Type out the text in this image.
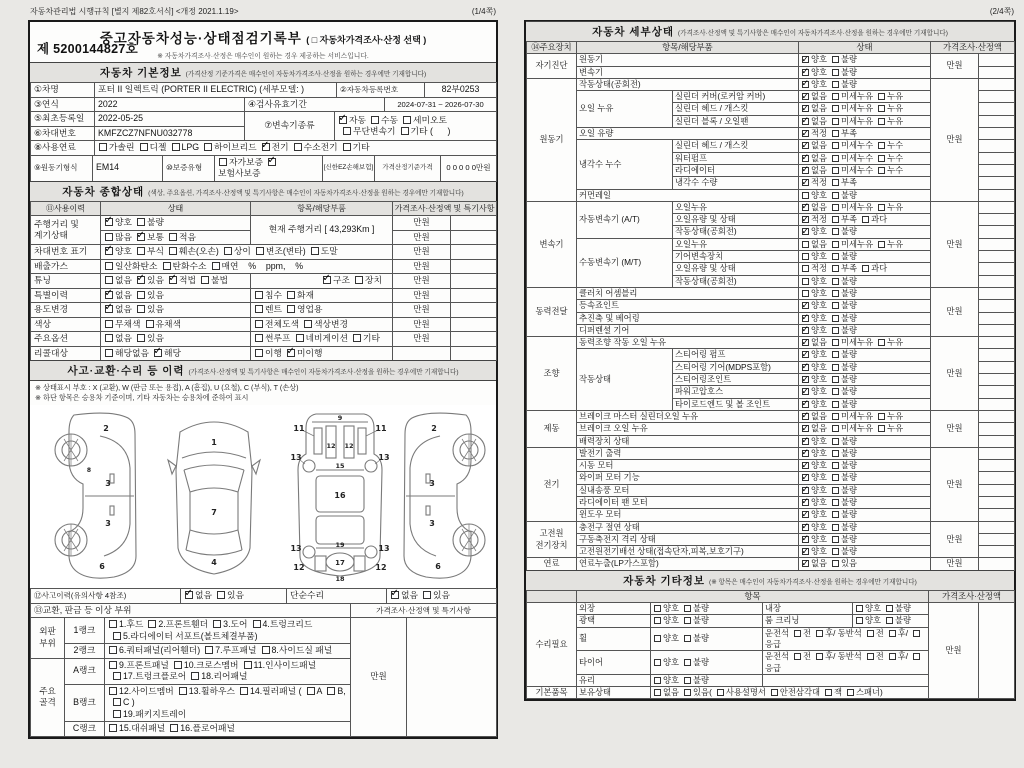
자동차관리법 시행규칙 [별지 제82호서식] <개정 2021.1.19>	(1/4쪽)
제 5200144827호
중고자동차성능·상태점검기록부 ( □ 자동차가격조사·산정 선택 )
※ 자동차가격조사·산정은 매수인이 원하는 경우 제공하는 서비스입니다.
자동차 기본정보 (가격산정 기준가격은 매수인이 자동차가격조사·산정을 원하는 경우에만 기재합니다)
①차명	포터 II 일렉트릭 (PORTER II ELECTRIC) (세부모델: )	②자동차등록번호	82부0253
③연식	2022	④검사유효기간	2024-07-31 ~ 2026-07-30
⑤최초등록일	2022-05-25	⑦변속기종류	✓자동 수동 세미오토
무단변속기 기타 (      )
⑥차대번호	KMFZCZ7NFNU032778		
⑧사용연료	가솔린 디젤 LPG 하이브리드 ✓ 전기 수소전기 기타
⑨원동기형식	EM14	⑩보증유형	자가보증✓보험사보증	[신한EZ손해보험]	가격산정기준가격	0 0 0 0 0만원
자동차 종합상태 (색상, 주요옵션, 가격조사·산정액 및 특기사항은 매수인이 자동차가격조사·산정을 원하는 경우에만 기재합니다)
⑪사용이력	상태	항목/해당부품	가격조사·산정액 및 특기사항	
주행거리 및 계기상태	✓양호 불량	현재 주행거리 [ 43,293Km ]	만원	
	많음 ✓ 보통 적음		만원	
차대번호 표기	✓양호 부식 훼손(오손) 상이 변조(변타) 도말		만원	
배출가스	일산화탄소 탄화수소 매연    %    ppm,    %		만원	
튜닝	없음 ✓ 있음 ✓ 적법 불법	✓구조 장치	만원	
특별이력	✓없음 있음	침수 화재	만원	
용도변경	✓없음 있음	렌트 영업용	만원	
색상	무채색 유채색	전체도색 색상변경	만원	
주요옵션	없음 있음	썬루프 네비게이션 기타	만원	
리콜대상	해당없음 ✓ 해당	이행 ✓ 미이행		
사고·교환·수리 등 이력 (가격조사·산정액 및 특기사항은 매수인이 자동차가격조사·산정을 원하는 경우에만 기재합니다)
※ 상태표시 부호 : X (교환), W (판금 또는 용접), A (흠집), U (요철), C (부식), T (손상)
※ 하단 항목은 승용차 기준이며, 기타 자동차는 승용차에 준하여 표시
2
3
3
6
8
1
7
4
9
11	11
12 12
13	13
15
16
19
13	13
12	12
17
18
2
3
3
6
⑫사고이력(유의사항 4참조)	✓없음 있음	단순수리	✓없음 있음
⑬교환, 판금 등 이상 부위	가격조사·산정액 및 특기사항
외판 부위	1랭크	1.후드 2.프론트휀더 3.도어 4.트렁크리드
5.라디에이터 서포트(볼트체결부품)	만원	
	2랭크	6.쿼터패널(리어휀더) 7.루프패널 8.사이드실 패널		
주요 골격	A랭크	9.프론트패널 10.크로스멤버 11.인사이드패널
17.트렁크플로어 18.리어패널		
	B랭크	12.사이드멤버 13.휠하우스 14.필러패널 ( A B,C )
19.패키지트레이		
	C랭크	15.대쉬패널 16.플로어패널		
(2/4쪽)
자동차 세부상태 (가격조사·산정액 및 특기사항은 매수인이 자동차가격조사·산정을 원하는 경우에만 기재합니다)
⑭주요장치	항목/해당부품		상태	가격조사·산정액	
자기진단	원동기	✓양호 불량	만원	
	변속기	✓양호 불량	
원동기	작동상태(공회전)	✓양호 불량	만원	
	오일 누유	실린더 커버(로커암 커버)	✓없음 미세누유 누유	
		실린더 헤드 / 개스킷	✓없음 미세누유 누유	
		실린더 블록 / 오일팬	✓없음 미세누유 누유	
	오일 유량	✓적정 부족	
	냉각수 누수	실린더 헤드 / 개스킷	✓없음 미세누수 누수	
		워터펌프	✓없음 미세누수 누수	
		라디에이터	✓없음 미세누수 누수	
		냉각수 수량	✓적정 부족	
	커먼레일		양호 불량		
변속기	자동변속기 (A/T)	오일누유	✓없음 미세누유 누유	만원	
		오일유량 및 상태	✓적정 부족 과다	
		작동상태(공회전)	✓양호 불량	
	수동변속기 (M/T)	오일누유	없음 미세누유 누유		
		기어변속장치	양호 불량		
		오일유량 및 상태	적정 부족 과다		
		작동상태(공회전)	양호 불량		
동력전달	클러치 어셈블리		양호 불량	만원	
	등속죠인트	✓양호 불량	
	추진축 및 베어링	✓양호 불량	
	디퍼렌셜 기어	✓양호 불량	
조향	동력조향 작동 오일 누유	✓없음 미세누유 누유	만원	
	작동상태	스티어링 펌프	✓양호 불량	
		스티어링 기어(MDPS포함)	✓양호 불량	
		스티어링조인트	✓양호 불량	
		파워고압호스	✓양호 불량	
		타이로드엔드 및 볼 조인트	✓양호 불량	
제동	브레이크 마스터 실린더오일 누유	✓없음 미세누유 누유	만원	
	브레이크 오일 누유	✓없음 미세누유 누유	
	배력장치 상태	✓양호 불량	
전기	발전기 출력	✓양호 불량	만원	
	시동 모터	✓양호 불량	
	와이퍼 모터 기능	✓양호 불량	
	실내송풍 모터	✓양호 불량	
	라디에이터 팬 모터	✓양호 불량	
	윈도우 모터	✓양호 불량	
고전원 전기장치	충전구 절연 상태	✓양호 불량	만원	
	구동축전지 격리 상태	✓양호 불량	
	고전원전기배선 상태(접속단자,피복,보호기구)	✓양호 불량	
연료	연료누출(LP가스포함)	✓없음 있음	만원	
자동차 기타정보 (※ 항목은 매수인이 자동차가격조사·산정을 원하는 경우에만 기재합니다)
	항목				가격조사·산정액	
수리필요	외장	양호 불량	내장	양호 불량	만원	
	광택	양호 불량	룸 크리닝	양호 불량		
	휠	양호 불량	운전석 전 후/ 동반석 전 후/응급			
	타이어	양호 불량	운전석 전 후/ 동반석 전 후/응급			
	유리	양호 불량				
기본품목	보유상태	없음 있음( 사용설명서 안전삼각대 잭 스패너)				
